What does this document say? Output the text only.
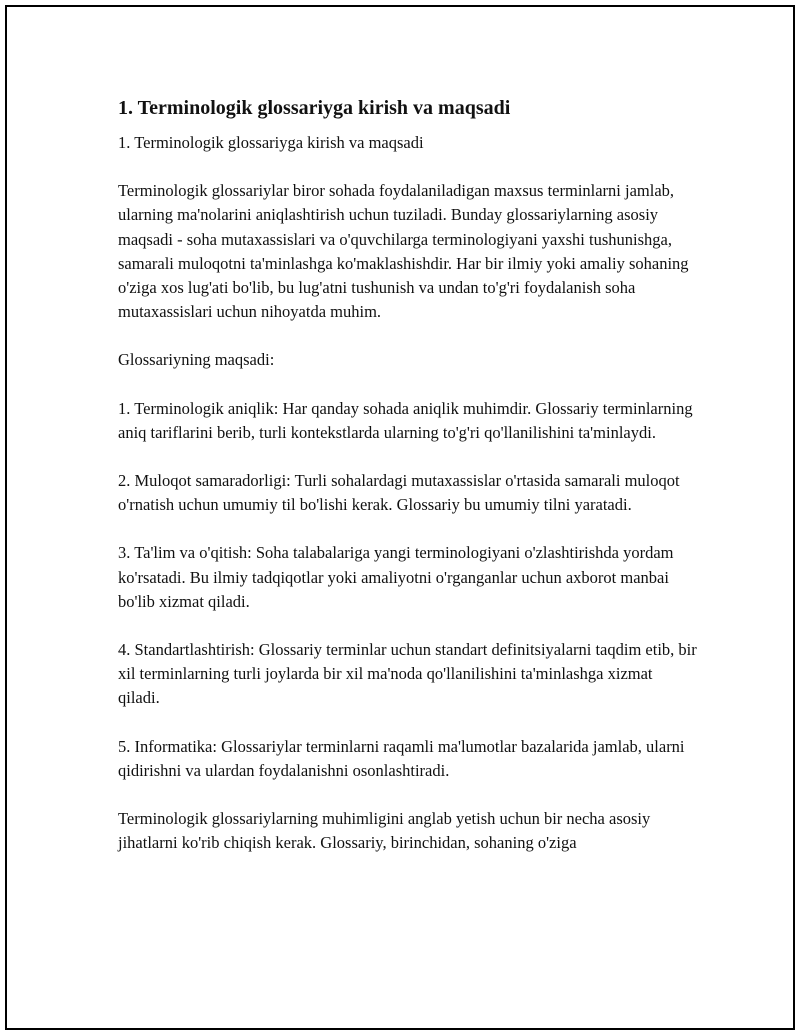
1. Terminologik glossariyga kirish va maqsadi

1. Terminologik glossariyga kirish va maqsadi

Terminologik glossariylar biror sohada foydalaniladigan maxsus terminlarni jamlab, ularning ma'nolarini aniqlashtirish uchun tuziladi. Bunday glossariylarning asosiy maqsadi - soha mutaxassislari va o'quvchilarga terminologiyani yaxshi tushunishga, samarali muloqotni ta'minlashga ko'maklashishdir. Har bir ilmiy yoki amaliy sohaning o'ziga xos lug'ati bo'lib, bu lug'atni tushunish va undan to'g'ri foydalanish soha mutaxassislari uchun nihoyatda muhim.

Glossariyning maqsadi:

1. Terminologik aniqlik: Har qanday sohada aniqlik muhimdir. Glossariy terminlarning aniq tariflarini berib, turli kontekstlarda ularning to'g'ri qo'llanilishini ta'minlaydi.

2. Muloqot samaradorligi: Turli sohalardagi mutaxassislar o'rtasida samarali muloqot o'rnatish uchun umumiy til bo'lishi kerak. Glossariy bu umumiy tilni yaratadi.

3. Ta'lim va o'qitish: Soha talabalariga yangi terminologiyani o'zlashtirishda yordam ko'rsatadi. Bu ilmiy tadqiqotlar yoki amaliyotni o'rganganlar uchun axborot manbai bo'lib xizmat qiladi.

4. Standartlashtirish: Glossariy terminlar uchun standart definitsiyalarni taqdim etib, bir xil terminlarning turli joylarda bir xil ma'noda qo'llanilishini ta'minlashga xizmat qiladi.

5. Informatika: Glossariylar terminlarni raqamli ma'lumotlar bazalarida jamlab, ularni qidirishni va ulardan foydalanishni osonlashtiradi.

Terminologik glossariylarning muhimligini anglab yetish uchun bir necha asosiy jihatlarni ko'rib chiqish kerak. Glossariy, birinchidan, sohaning o'ziga
